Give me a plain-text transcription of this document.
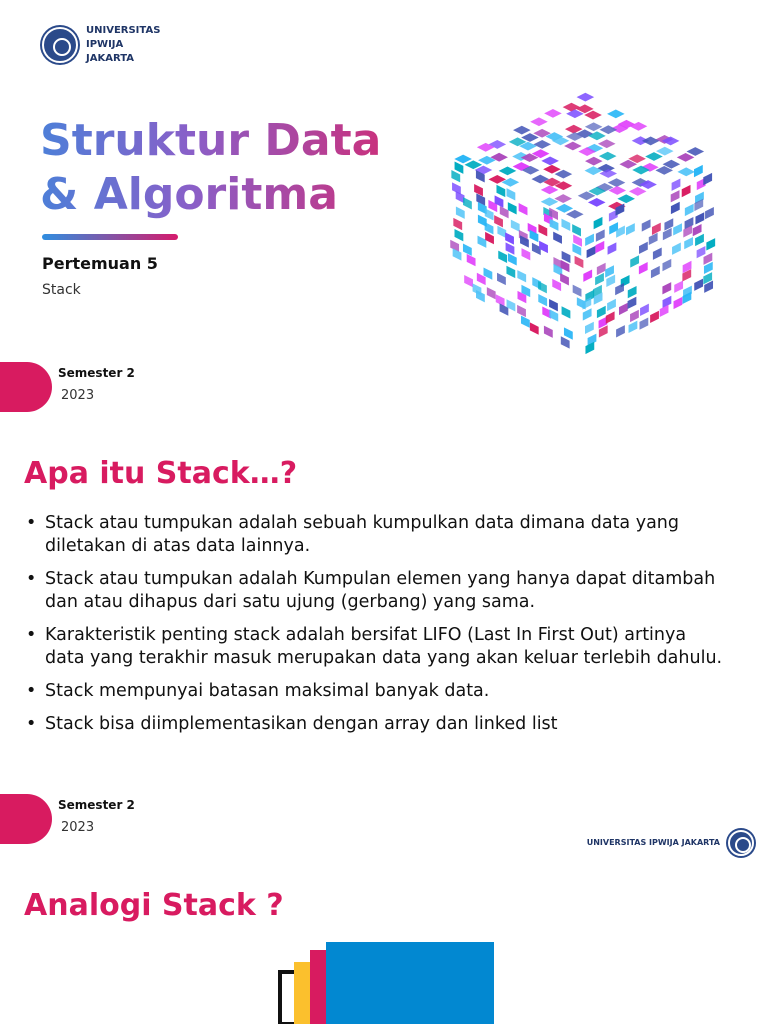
UNIVERSITAS IPWIJA
JAKARTA
Struktur Data & Algoritma
Pertemuan 5
Stack
Semester 2
2023
Apa itu Stack…?
• Stack atau tumpukan adalah sebuah kumpulkan data dimana data yang diletakan di atas data lainnya.
• Stack atau tumpukan adalah Kumpulan elemen yang hanya dapat ditambah dan atau dihapus dari satu ujung (gerbang) yang sama.
• Karakteristik penting stack adalah bersifat LIFO (Last In First Out) artinya data yang terakhir masuk merupakan data yang akan keluar terlebih dahulu.
• Stack mempunyai batasan maksimal banyak data.
• Stack bisa diimplementasikan dengan array dan linked list
Semester 2
2023
UNIVERSITAS IPWIJA JAKARTA
Analogi Stack ?
